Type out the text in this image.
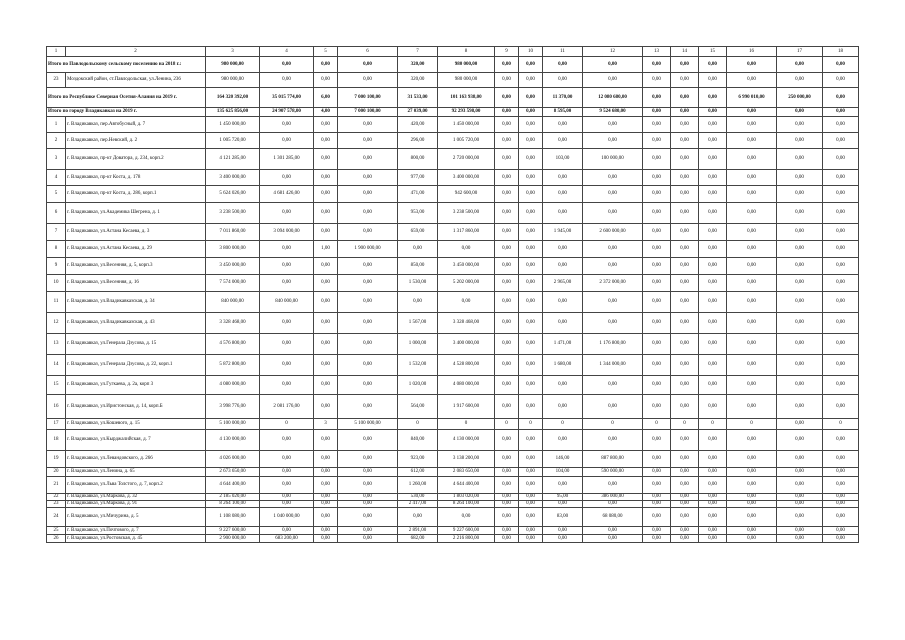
1	2	3	4	5	6	7	8	9	10	11	12	13	14	15	16	17	18
Итого по Павлодольскому сельскому поселению на 2018 г.:		980 000,00	0,00	0,00	0,00	320,00	980 000,00	0,00	0,00	0,00	0,00	0,00	0,00	0,00	0,00	0,00	0,00
23	Моздокский район, ст.Павлодольская, ул.Ленина, 236	980 000,00	0,00	0,00	0,00	320,00	980 000,00	0,00	0,00	0,00	0,00	0,00	0,00	0,00	0,00	0,00	0,00
Итого по Республике Северная Осетия-Алания на 2019 г.		164 320 392,00	35 015 774,00	6,00	7 000 100,00	31 533,00	101 163 938,00	0,00	0,00	11 370,00	12 080 680,00	0,00	0,00	0,00	6 990 010,00	250 000,00	0,00
Итого по городу Владикавказ на 2019 г.		135 625 856,00	24 907 578,00	4,00	7 000 100,00	27 039,00	92 293 598,00	0,00	0,00	8 595,00	9 524 680,00	0,00	0,00	0,00	0,00	0,00	0,00
1	г. Владикавказ, пер.Автобусный, д. 7	1 450 000,00	0,00	0,00	0,00	420,00	1 450 000,00	0,00	0,00	0,00	0,00	0,00	0,00	0,00	0,00	0,00	0,00
2	г. Владикавказ, пер.Невский, д. 2	1 005 720,00	0,00	0,00	0,00	296,00	1 005 720,00	0,00	0,00	0,00	0,00	0,00	0,00	0,00	0,00	0,00	0,00
3	г. Владикавказ, пр-кт Доватора, д. 234, корп.2	4 121 285,00	1 301 285,00	0,00	0,00	800,00	2 720 000,00	0,00	0,00	103,00	100 000,00	0,00	0,00	0,00	0,00	0,00	0,00
4	г. Владикавказ, пр-кт Коста, д. 178	3 400 000,00	0,00	0,00	0,00	977,00	3 400 000,00	0,00	0,00	0,00	0,00	0,00	0,00	0,00	0,00	0,00	0,00
5	г. Владикавказ, пр-кт Коста, д. 286, корп.1	5 624 026,00	4 681 426,00	0,00	0,00	471,00	942 600,00	0,00	0,00	0,00	0,00	0,00	0,00	0,00	0,00	0,00	0,00
6	г. Владикавказ, ул.Академика Шегрена, д. 1	3 238 500,00	0,00	0,00	0,00	953,00	3 238 500,00	0,00	0,00	0,00	0,00	0,00	0,00	0,00	0,00	0,00	0,00
7	г. Владикавказ, ул.Астана Кесаева, д. 3	7 011 860,00	3 094 000,00	0,00	0,00	659,00	1 317 860,00	0,00	0,00	1 945,00	2 600 000,00	0,00	0,00	0,00	0,00	0,00	0,00
8	г. Владикавказ, ул.Астана Кесаева, д. 29	3 800 000,00	0,00	1,00	1 900 000,00	0,00	0,00	0,00	0,00	0,00	0,00	0,00	0,00	0,00	0,00	0,00	0,00
9	г. Владикавказ, ул.Весенняя, д. 5, корп.3	3 450 000,00	0,00	0,00	0,00	850,00	3 450 000,00	0,00	0,00	0,00	0,00	0,00	0,00	0,00	0,00	0,00	0,00
10	г. Владикавказ, ул.Весенняя, д. 16	7 574 000,00	0,00	0,00	0,00	1 530,00	5 202 000,00	0,00	0,00	2 965,00	2 372 000,00	0,00	0,00	0,00	0,00	0,00	0,00
11	г. Владикавказ, ул.Владикавказская, д. 34	840 000,00	840 000,00	0,00	0,00	0,00	0,00	0,00	0,00	0,00	0,00	0,00	0,00	0,00	0,00	0,00	0,00
12	г. Владикавказ, ул.Владикавказская, д. 43	3 328 468,00	0,00	0,00	0,00	1 567,00	3 328 468,00	0,00	0,00	0,00	0,00	0,00	0,00	0,00	0,00	0,00	0,00
13	г. Владикавказ, ул.Генерала Дзусова, д. 15	4 576 800,00	0,00	0,00	0,00	1 000,00	3 400 000,00	0,00	0,00	1 471,00	1 176 800,00	0,00	0,00	0,00	0,00	0,00	0,00
14	г. Владикавказ, ул.Генерала Дзусова, д. 22, корп.1	5 872 800,00	0,00	0,00	0,00	1 532,00	4 528 800,00	0,00	0,00	1 680,00	1 344 000,00	0,00	0,00	0,00	0,00	0,00	0,00
15	г. Владикавказ, ул.Гугкаева, д. 2а, корп 3	4 080 000,00	0,00	0,00	0,00	1 020,00	4 080 000,00	0,00	0,00	0,00	0,00	0,00	0,00	0,00	0,00	0,00	0,00
16	г. Владикавказ, ул.Иристонская, д. 14, корп.Б	3 998 776,00	2 081 176,00	0,00	0,00	564,00	1 917 600,00	0,00	0,00	0,00	0,00	0,00	0,00	0,00	0,00	0,00	0,00
17	г. Владикавказ, ул.Кошевого, д. 15	5 100 000,00	0	3	5 100 000,00	0	0	0	0	0	0	0	0	0	0	0,00	0
18	г. Владикавказ, ул.Кырджалийская, д. 7	4 130 000,00	0,00	0,00	0,00	840,00	4 130 000,00	0,00	0,00	0,00	0,00	0,00	0,00	0,00	0,00	0,00	0,00
19	г. Владикавказ, ул.Левандовского, д. 266	4 026 000,00	0,00	0,00	0,00	923,00	3 138 200,00	0,00	0,00	146,00	887 800,00	0,00	0,00	0,00	0,00	0,00	0,00
20	г. Владикавказ, ул.Ленина, д. 65	2 673 650,00	0,00	0,00	0,00	612,00	2 083 650,00	0,00	0,00	104,00	590 000,00	0,00	0,00	0,00	0,00	0,00	0,00
21	г. Владикавказ, ул.Льва Толстого, д. 7, корп.2	4 644 400,00	0,00	0,00	0,00	1 260,00	4 644 400,00	0,00	0,00	0,00	0,00	0,00	0,00	0,00	0,00	0,00	0,00
22	г. Владикавказ, ул.Маркова, д. 32	2 185 020,00	0,00	0,00	0,00	530,00	1 803 020,00	0,00	0,00	95,00	386 000,00	0,00	0,00	0,00	0,00	0,00	0,00
23	г. Владикавказ, ул.Маркова, д. 91	8 264 100,00	0,00	0,00	0,00	2 417,00	8 264 100,00	0,00	0,00	0,00	0,00	0,00	0,00	0,00	0,00	0,00	0,00
24	г. Владикавказ, ул.Мичурина, д. 5	1 108 080,00	1 040 000,00	0,00	0,00	0,00	0,00	0,00	0,00	83,00	68 080,00	0,00	0,00	0,00	0,00	0,00	0,00
25	г. Владикавказ, ул.Почтового, д. 7	9 227 600,00	0,00	0,00	0,00	2 891,00	9 227 600,00	0,00	0,00	0,00	0,00	0,00	0,00	0,00	0,00	0,00	0,00
26	г. Владикавказ, ул.Ростовская, д. 45	2 900 000,00	683 200,00	0,00	0,00	682,00	2 216 800,00	0,00	0,00	0,00	0,00	0,00	0,00	0,00	0,00	0,00	0,00
